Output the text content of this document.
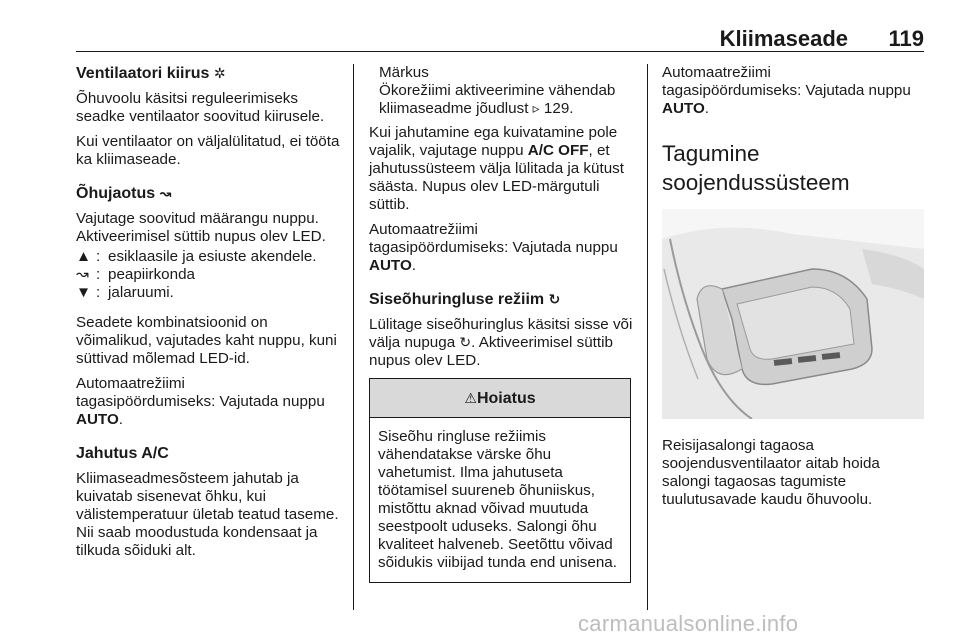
Kliimaseade 119
Ventilaatori kiirus ✲

Õhuvoolu käsitsi reguleerimiseks seadke ventilaator soovitud kiirusele.

Kui ventilaator on väljalülitatud, ei tööta ka kliimaseade.

Õhujaotus ↝

Vajutage soovitud määrangu nuppu. Aktiveerimisel süttib nupus olev LED.

▲ : esiklaasile ja esiuste akendele.
↝ : peapiirkonda
▼ : jalaruumi.

Seadete kombinatsioonid on võimalikud, vajutades kaht nuppu, kuni süttivad mõlemad LED-id.

Automaatrežiimi

tagasipöördumiseks: Vajutada nuppu AUTO.

Jahutus A/C

Kliimaseadmesõsteem jahutab ja kuivatab sisenevat õhku, kui välistemperatuur ületab teatud taseme. Nii saab moodustuda kondensaat ja tilkuda sõiduki alt.

Märkus
Ökorežiimi aktiveerimine vähendab kliimaseadme jõudlust ▹ 129.

Kui jahutamine ega kuivatamine pole vajalik, vajutage nuppu A/C OFF, et jahutussüsteem välja lülitada ja kütust säästa. Nupus olev LED-märgutuli süttib.

Automaatrežiimi

tagasipöördumiseks: Vajutada nuppu AUTO.

Siseõhuringluse režiim ↻

Lülitage siseõhuringlus käsitsi sisse või välja nupuga ↻. Aktiveerimisel süttib nupus olev LED.

⚠Hoiatus
Siseõhu ringluse režiimis vähendatakse värske õhu vahetumist. Ilma jahutuseta töötamisel suureneb õhuniiskus, mistõttu aknad võivad muutuda seestpoolt uduseks. Salongi õhu kvaliteet halveneb. Seetõttu võivad sõidukis viibijad tunda end unisena.

Automaatrežiimi

tagasipöördumiseks: Vajutada nuppu AUTO.

Tagumine
soojendussüsteem

Reisijasalongi tagaosa soojendusventilaator aitab hoida salongi tagaosas tagumiste tuulutusavade kaudu õhuvoolu.

carmanualsonline.info
